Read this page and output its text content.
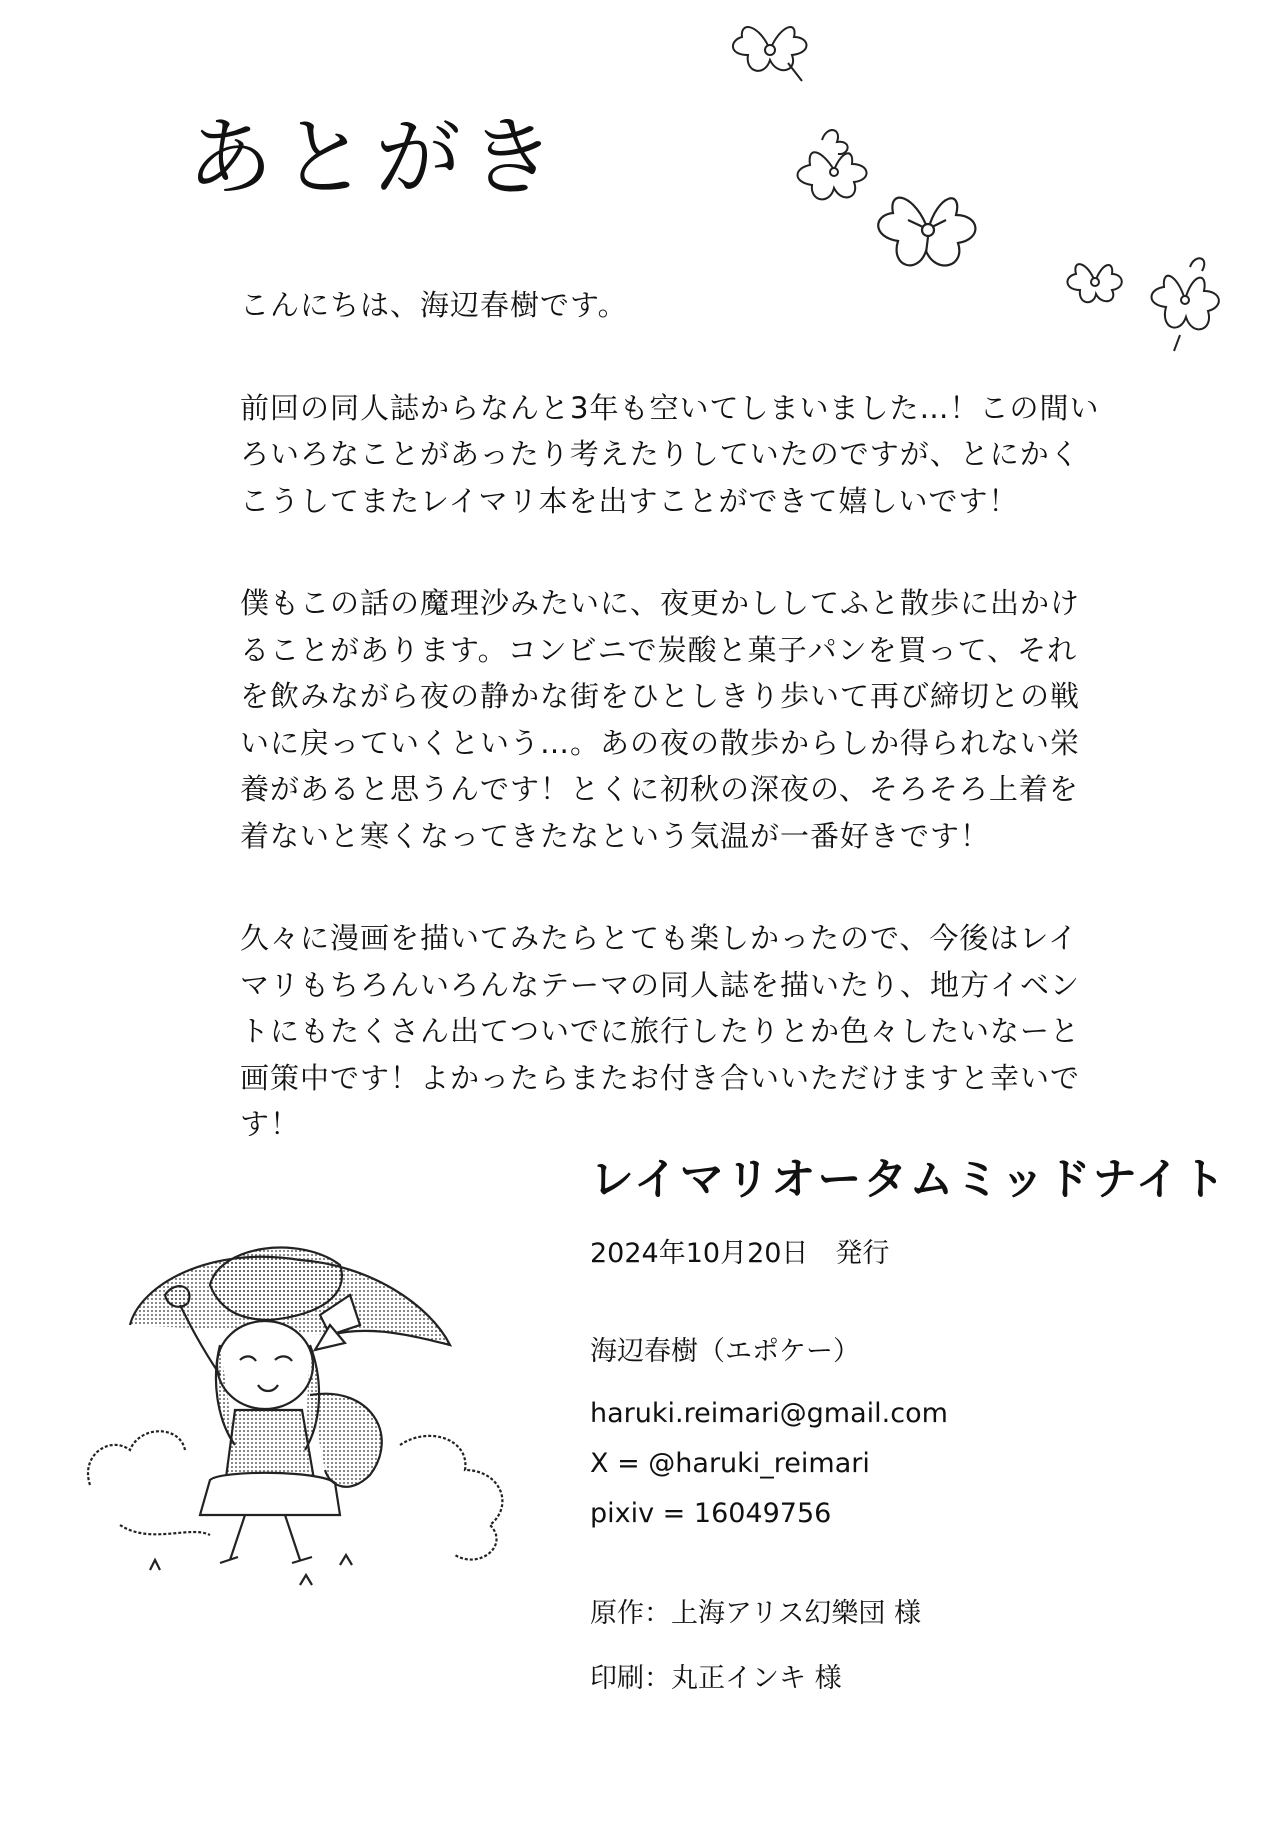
あとがき

こんにちは、海辺春樹です。

前回の同人誌からなんと3年も空いてしまいました…！この間いろいろなことがあったり考えたりしていたのですが、とにかくこうしてまたレイマリ本を出すことができて嬉しいです！

僕もこの話の魔理沙みたいに、夜更かししてふと散歩に出かけることがあります。コンビニで炭酸と菓子パンを買って、それを飲みながら夜の静かな街をひとしきり歩いて再び締切との戦いに戻っていくという…。あの夜の散歩からしか得られない栄養があると思うんです！とくに初秋の深夜の、そろそろ上着を着ないと寒くなってきたなという気温が一番好きです！

久々に漫画を描いてみたらとても楽しかったので、今後はレイマリもちろんいろんなテーマの同人誌を描いたり、地方イベントにもたくさん出てついでに旅行したりとか色々したいなーと画策中です！よかったらまたお付き合いいただけますと幸いです！

レイマリオータムミッドナイト
2024年10月20日　発行
海辺春樹（エポケー）
haruki.reimari@gmail.com
X = @haruki_reimari
pixiv = 16049756
原作：上海アリス幻樂団 様
印刷：丸正インキ 様
